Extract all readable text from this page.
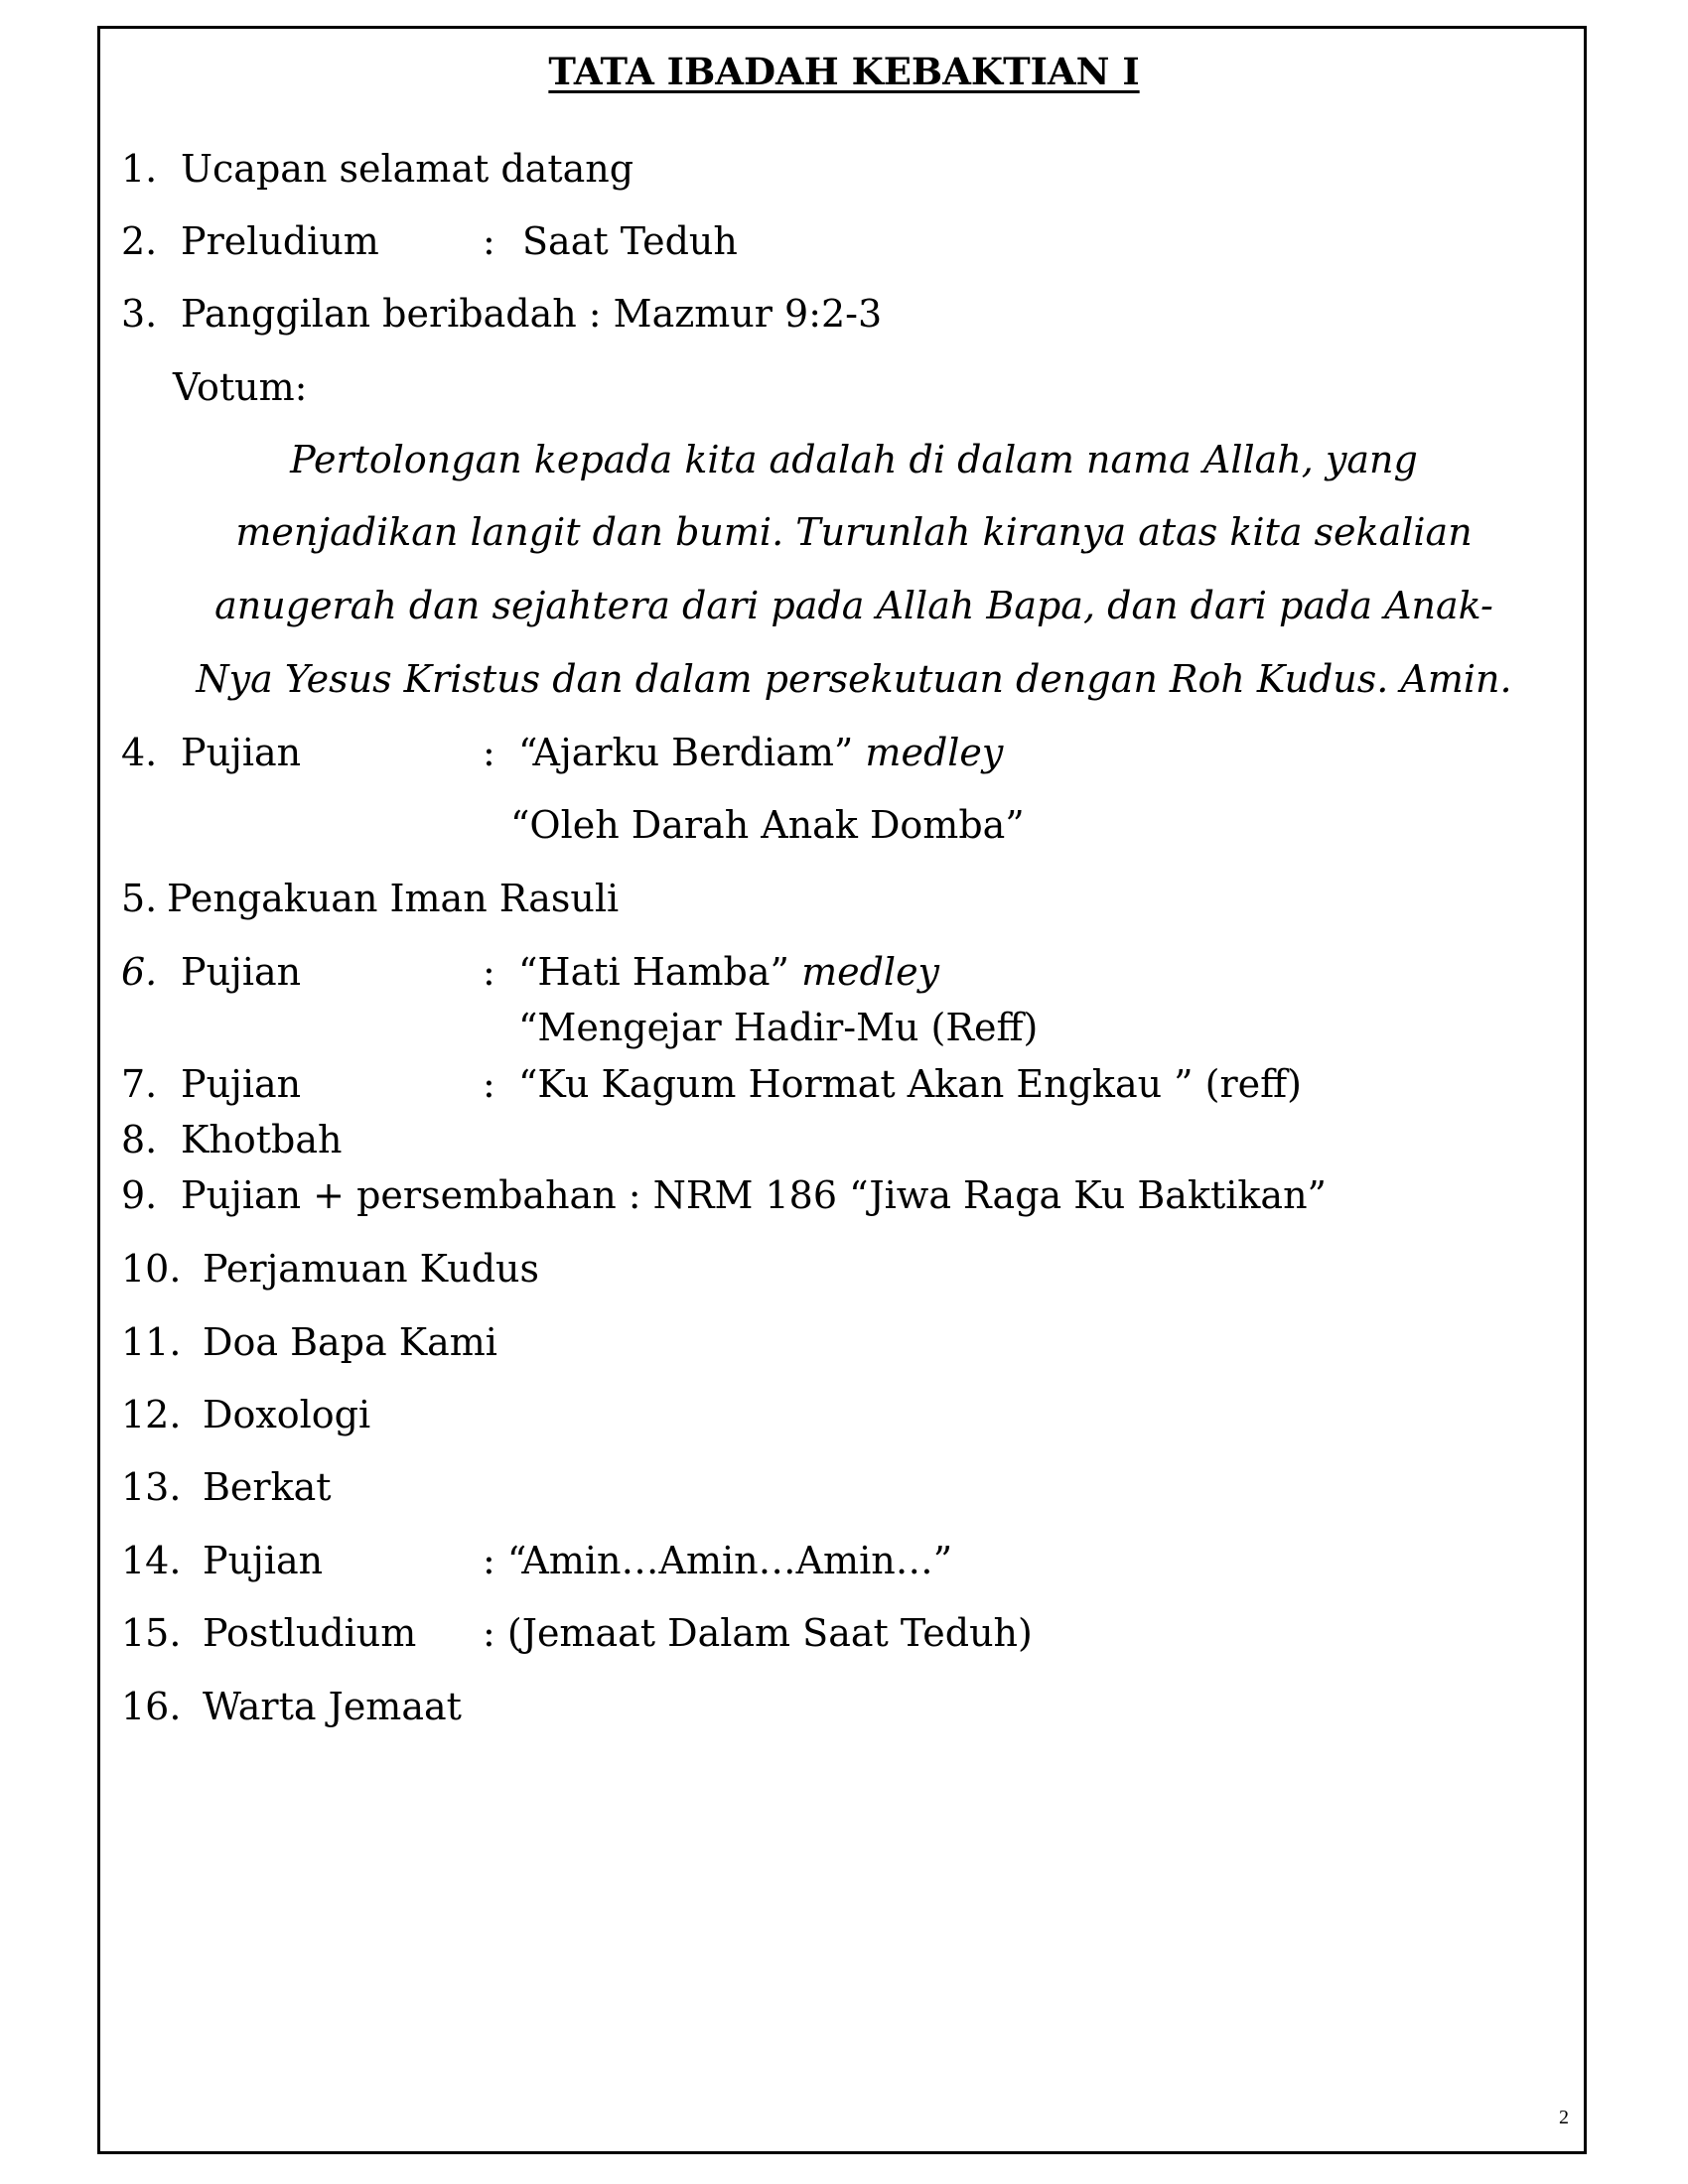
TATA IBADAH KEBAKTIAN I
1. Ucapan selamat datang
2. Preludium	: Saat Teduh
3. Panggilan beribadah : Mazmur 9:2-3
Votum:
Pertolongan kepada kita adalah di dalam nama Allah, yang
menjadikan langit dan bumi. Turunlah kiranya atas kita sekalian
anugerah dan sejahtera dari pada Allah Bapa, dan dari pada Anak-
Nya Yesus Kristus dan dalam persekutuan dengan Roh Kudus. Amin.
4. Pujian	: “Ajarku Berdiam” medley
“Oleh Darah Anak Domba”
5. Pengakuan Iman Rasuli
6. Pujian	: “Hati Hamba” medley
“Mengejar Hadir-Mu (Reff)
7. Pujian	: “Ku Kagum Hormat Akan Engkau ” (reff)
8. Khotbah
9. Pujian + persembahan : NRM 186 “Jiwa Raga Ku Baktikan”
10. Perjamuan Kudus
11. Doa Bapa Kami
12. Doxologi
13. Berkat
14. Pujian	: “Amin…Amin…Amin…”
15. Postludium : (Jemaat Dalam Saat Teduh)
16. Warta Jemaat
2
